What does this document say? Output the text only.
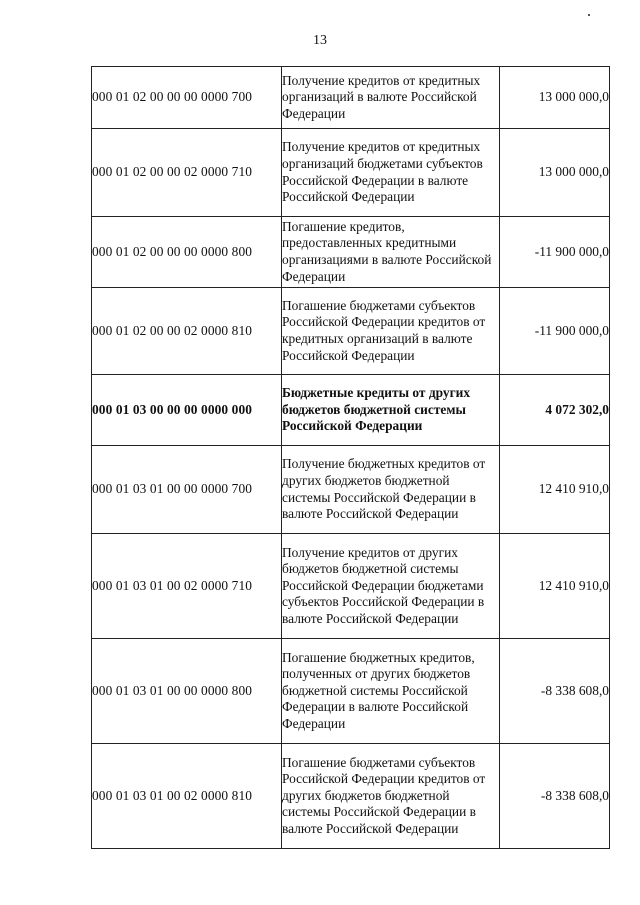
13
000 01 02 00 00 00 0000 700	Получение кредитов от кредитных организаций в валюте Российской Федерации	13 000 000,0
000 01 02 00 00 02 0000 710	Получение кредитов от кредитных организаций бюджетами субъектов Российской Федерации в валюте Российской Федерации	13 000 000,0
000 01 02 00 00 00 0000 800	Погашение кредитов, предоставленных кредитными организациями в валюте Российской Федерации	-11 900 000,0
000 01 02 00 00 02 0000 810	Погашение бюджетами субъектов Российской Федерации кредитов от кредитных организаций в валюте Российской Федерации	-11 900 000,0
000 01 03 00 00 00 0000 000	Бюджетные кредиты от других бюджетов бюджетной системы Российской Федерации	4 072 302,0
000 01 03 01 00 00 0000 700	Получение бюджетных кредитов от других бюджетов бюджетной системы Российской Федерации в валюте Российской Федерации	12 410 910,0
000 01 03 01 00 02 0000 710	Получение кредитов от других бюджетов бюджетной системы Российской Федерации бюджетами субъектов Российской Федерации в валюте Российской Федерации	12 410 910,0
000 01 03 01 00 00 0000 800	Погашение бюджетных кредитов, полученных от других бюджетов бюджетной системы Российской Федерации в валюте Российской Федерации	-8 338 608,0
000 01 03 01 00 02 0000 810	Погашение бюджетами субъектов Российской Федерации кредитов от других бюджетов бюджетной системы Российской Федерации в валюте Российской Федерации	-8 338 608,0
